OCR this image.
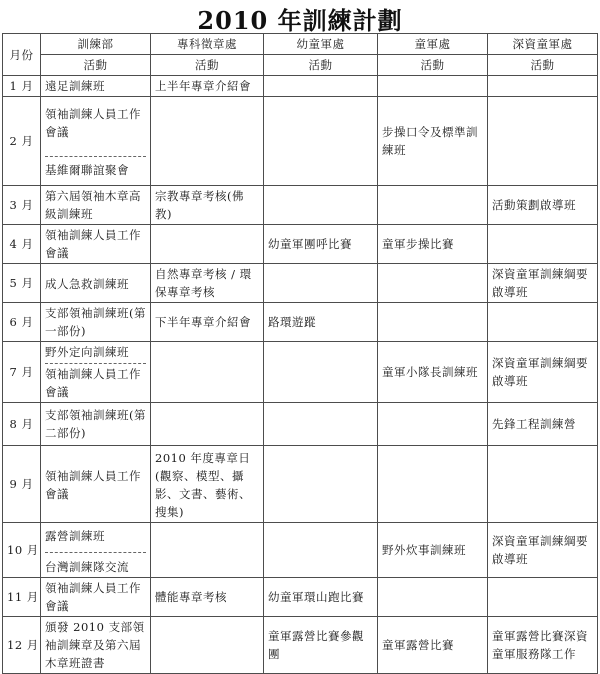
2010 年訓練計劃
月份	訓練部	專科徵章處	幼童軍處	童軍處	深資童軍處
	活動	活動	活動	活動	活動
1 月	遠足訓練班	上半年專章介紹會			

2 月	領袖訓練人員工作會議
基維爾聯誼聚會			步操口令及標準訓練班	

3 月	第六屆領袖木章高級訓練班	宗教專章考核(佛教)			活動策劃啟導班

4 月	領袖訓練人員工作會議		幼童軍團呼比賽	童軍步操比賽	

5 月	成人急救訓練班	自然專章考核 / 環保專章考核			深資童軍訓練綱要啟導班

6 月	支部領袖訓練班(第一部份)	下半年專章介紹會	路環遊蹤		

7 月	野外定向訓練班
領袖訓練人員工作會議			童軍小隊長訓練班	深資童軍訓練綱要啟導班

8 月	支部領袖訓練班(第二部份)				先鋒工程訓練營

9 月	領袖訓練人員工作會議	2010 年度專章日 (觀察、模型、攝影、文書、藝術、搜集)			

10 月	露營訓練班
台灣訓練隊交流			野外炊事訓練班	深資童軍訓練綱要啟導班

11 月	領袖訓練人員工作會議	體能專章考核	幼童軍環山跑比賽		

12 月	頒發 2010 支部領袖訓練章及第六屆木章班證書		童軍露營比賽參觀團	童軍露營比賽	童軍露營比賽深資童軍服務隊工作
